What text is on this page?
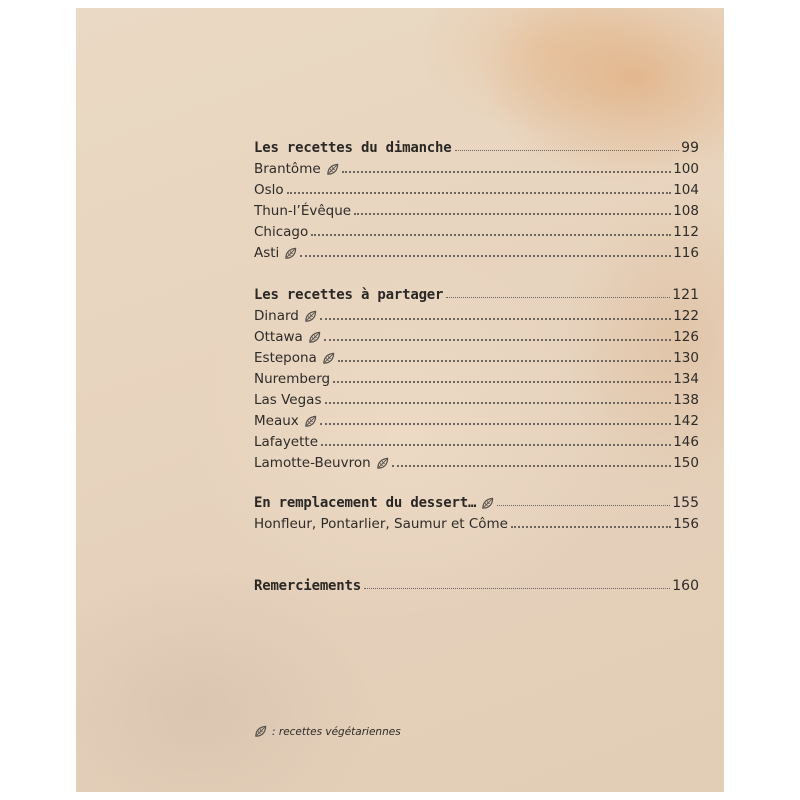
Les recettes du dimanche	99
Brantôme	100
Oslo	104
Thun-l’Évêque	108
Chicago	112
Asti	116
Les recettes à partager	121
Dinard	122
Ottawa	126
Estepona	130
Nuremberg	134
Las Vegas	138
Meaux	142
Lafayette	146
Lamotte-Beuvron	150
En remplacement du dessert…	155
Honfleur, Pontarlier, Saumur et Côme	156
Remerciements	160
: recettes végétariennes
